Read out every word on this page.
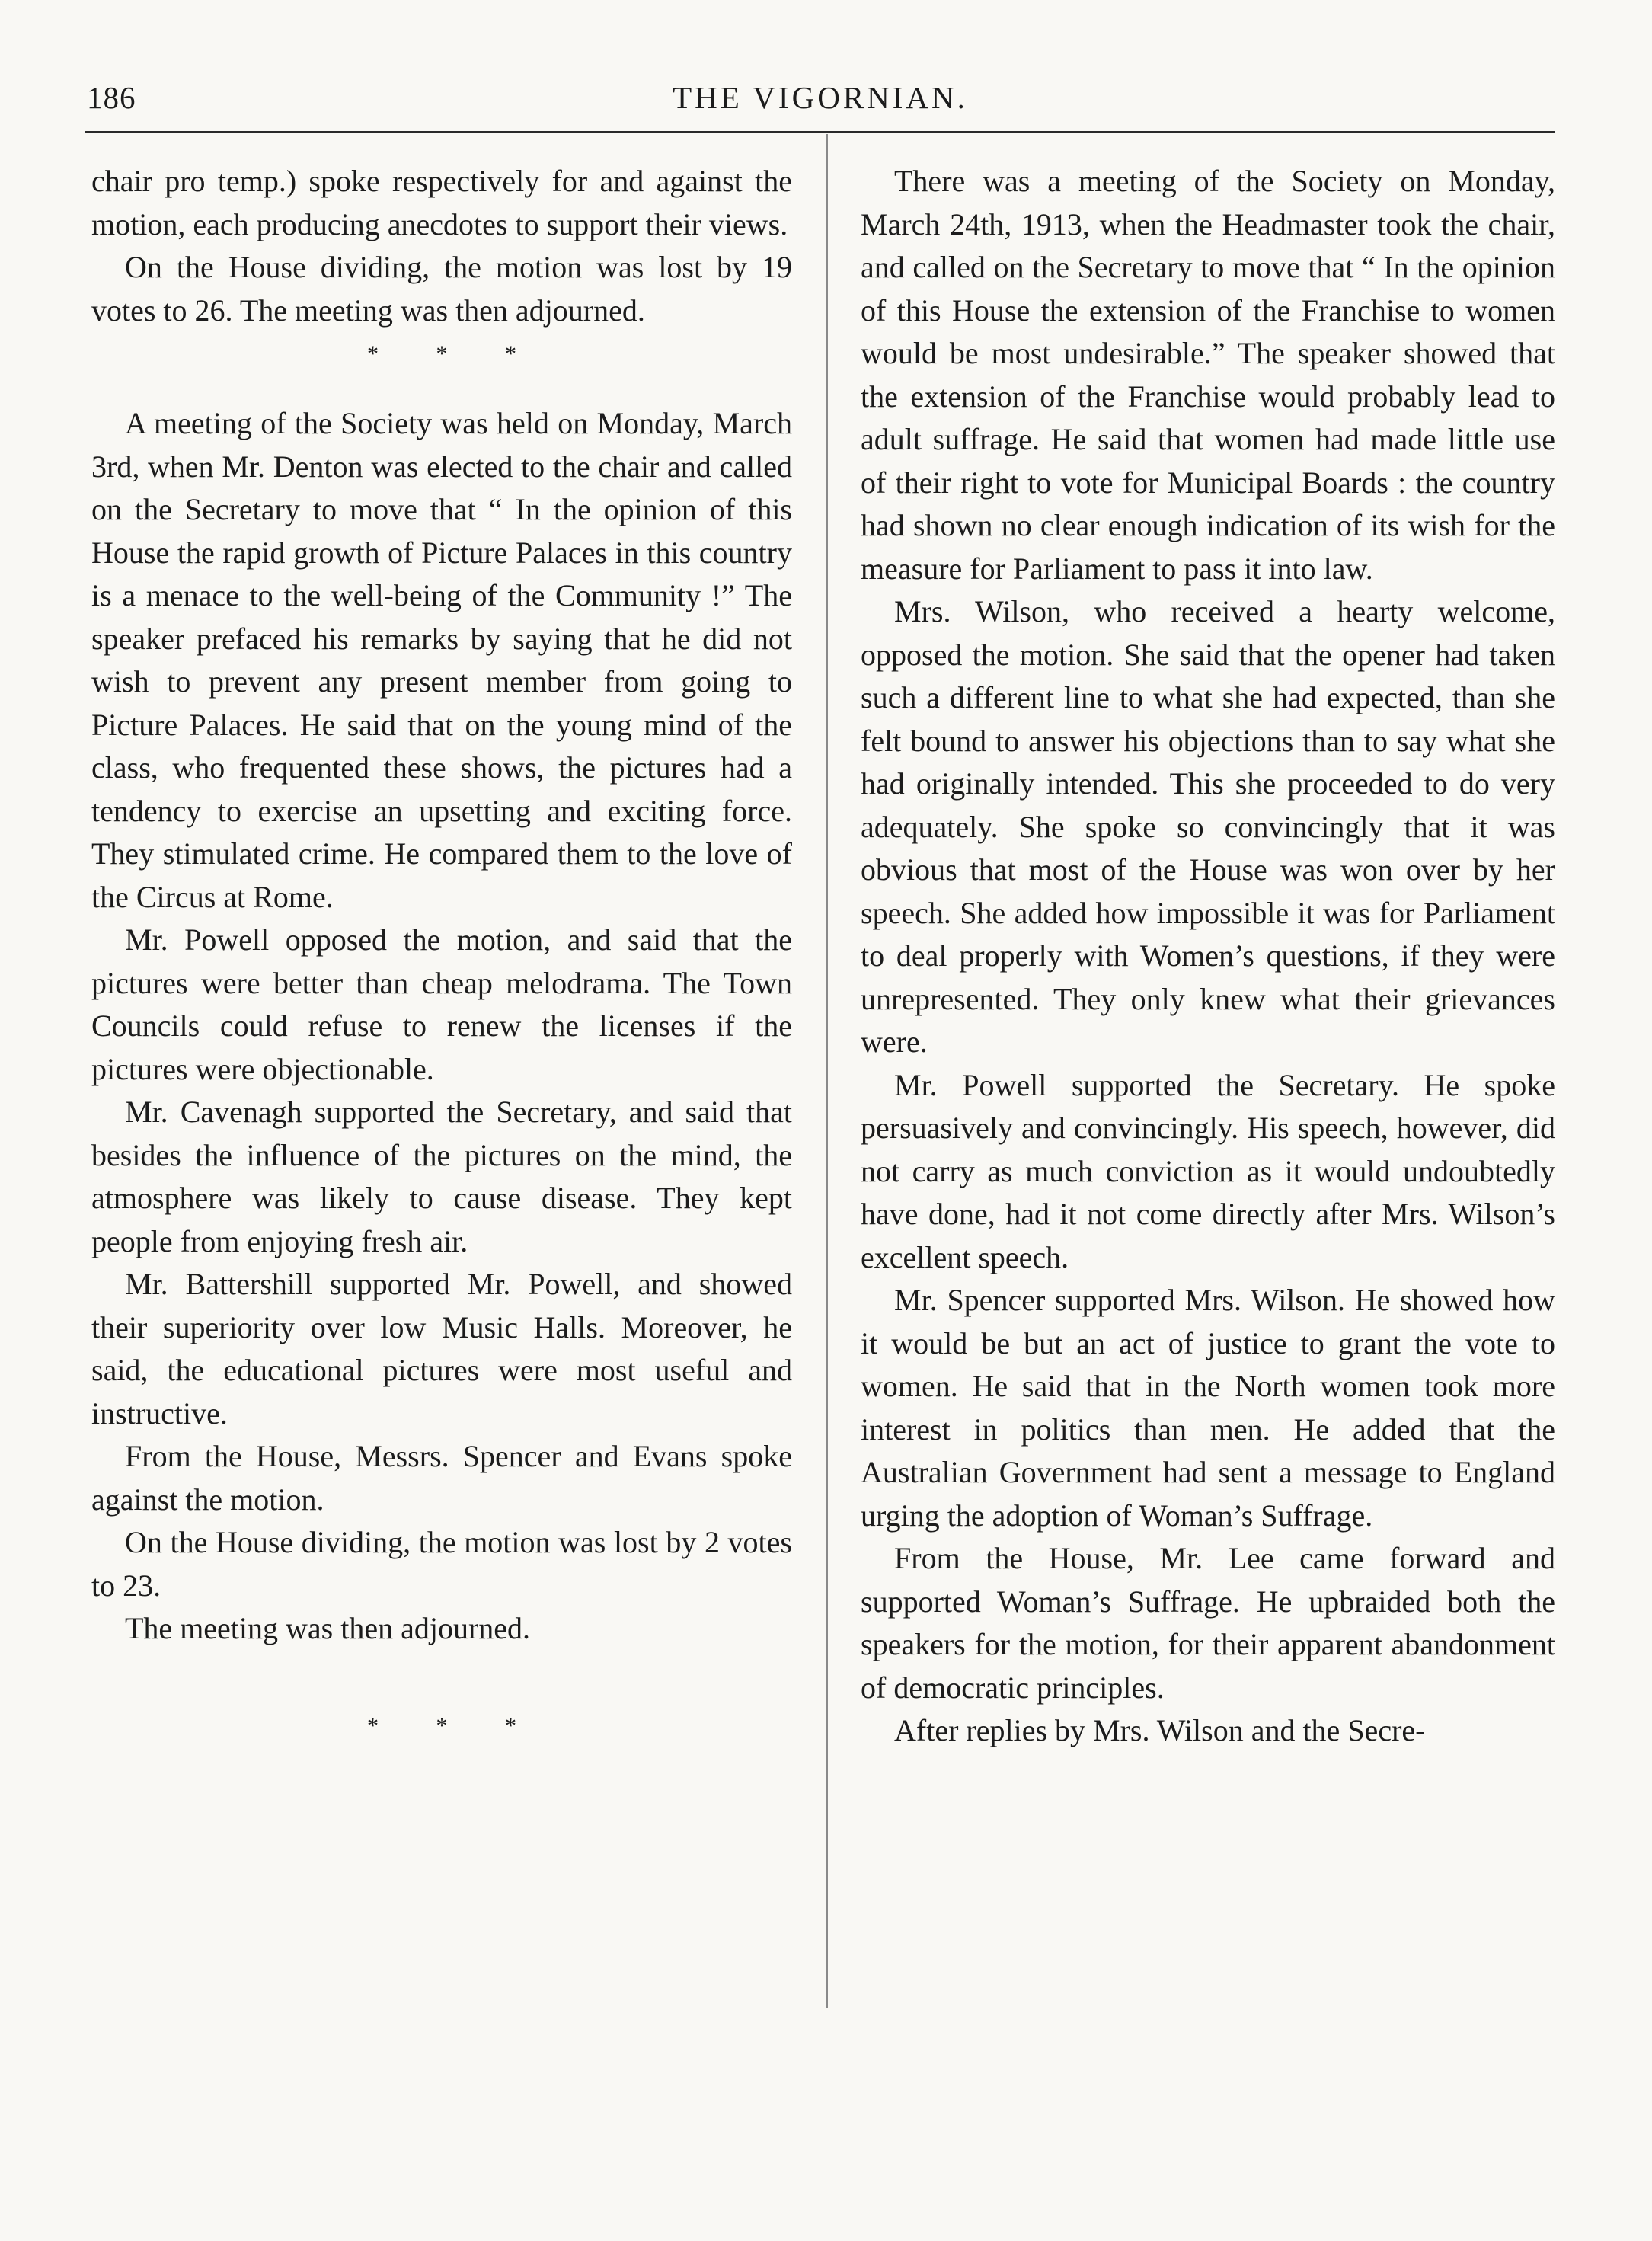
186	THE VIGORNIAN.

chair pro temp.) spoke respectively for and against the motion, each producing anecdotes to support their views.

On the House dividing, the motion was lost by 19 votes to 26. The meeting was then adjourned.

* * *

A meeting of the Society was held on Monday, March 3rd, when Mr. Denton was elected to the chair and called on the Secretary to move that “ In the opinion of this House the rapid growth of Picture Palaces in this country is a menace to the well-being of the Community !” The speaker prefaced his remarks by saying that he did not wish to prevent any present member from going to Picture Palaces. He said that on the young mind of the class, who frequented these shows, the pictures had a tendency to exercise an upsetting and exciting force. They stimulated crime. He compared them to the love of the Circus at Rome.

Mr. Powell opposed the motion, and said that the pictures were better than cheap melodrama. The Town Councils could refuse to renew the licenses if the pictures were objectionable.

Mr. Cavenagh supported the Secretary, and said that besides the influence of the pictures on the mind, the atmosphere was likely to cause disease. They kept people from enjoying fresh air.

Mr. Battershill supported Mr. Powell, and showed their superiority over low Music Halls. Moreover, he said, the educational pictures were most useful and instructive.

From the House, Messrs. Spencer and Evans spoke against the motion.

On the House dividing, the motion was lost by 2 votes to 23.

The meeting was then adjourned.

* * *

There was a meeting of the Society on Monday, March 24th, 1913, when the Headmaster took the chair, and called on the Secretary to move that “ In the opinion of this House the extension of the Franchise to women would be most undesirable.” The speaker showed that the extension of the Franchise would probably lead to adult suffrage. He said that women had made little use of their right to vote for Municipal Boards : the country had shown no clear enough indication of its wish for the measure for Parliament to pass it into law.

Mrs. Wilson, who received a hearty welcome, opposed the motion. She said that the opener had taken such a different line to what she had expected, than she felt bound to answer his objections than to say what she had originally intended. This she proceeded to do very adequately. She spoke so convincingly that it was obvious that most of the House was won over by her speech. She added how impossible it was for Parliament to deal properly with Women’s questions, if they were unrepresented. They only knew what their grievances were.

Mr. Powell supported the Secretary. He spoke persuasively and convincingly. His speech, however, did not carry as much conviction as it would undoubtedly have done, had it not come directly after Mrs. Wilson’s excellent speech.

Mr. Spencer supported Mrs. Wilson. He showed how it would be but an act of justice to grant the vote to women. He said that in the North women took more interest in politics than men. He added that the Australian Government had sent a message to England urging the adoption of Woman’s Suffrage.

From the House, Mr. Lee came forward and supported Woman’s Suffrage. He upbraided both the speakers for the motion, for their apparent abandonment of democratic principles.

After replies by Mrs. Wilson and the Secre-
